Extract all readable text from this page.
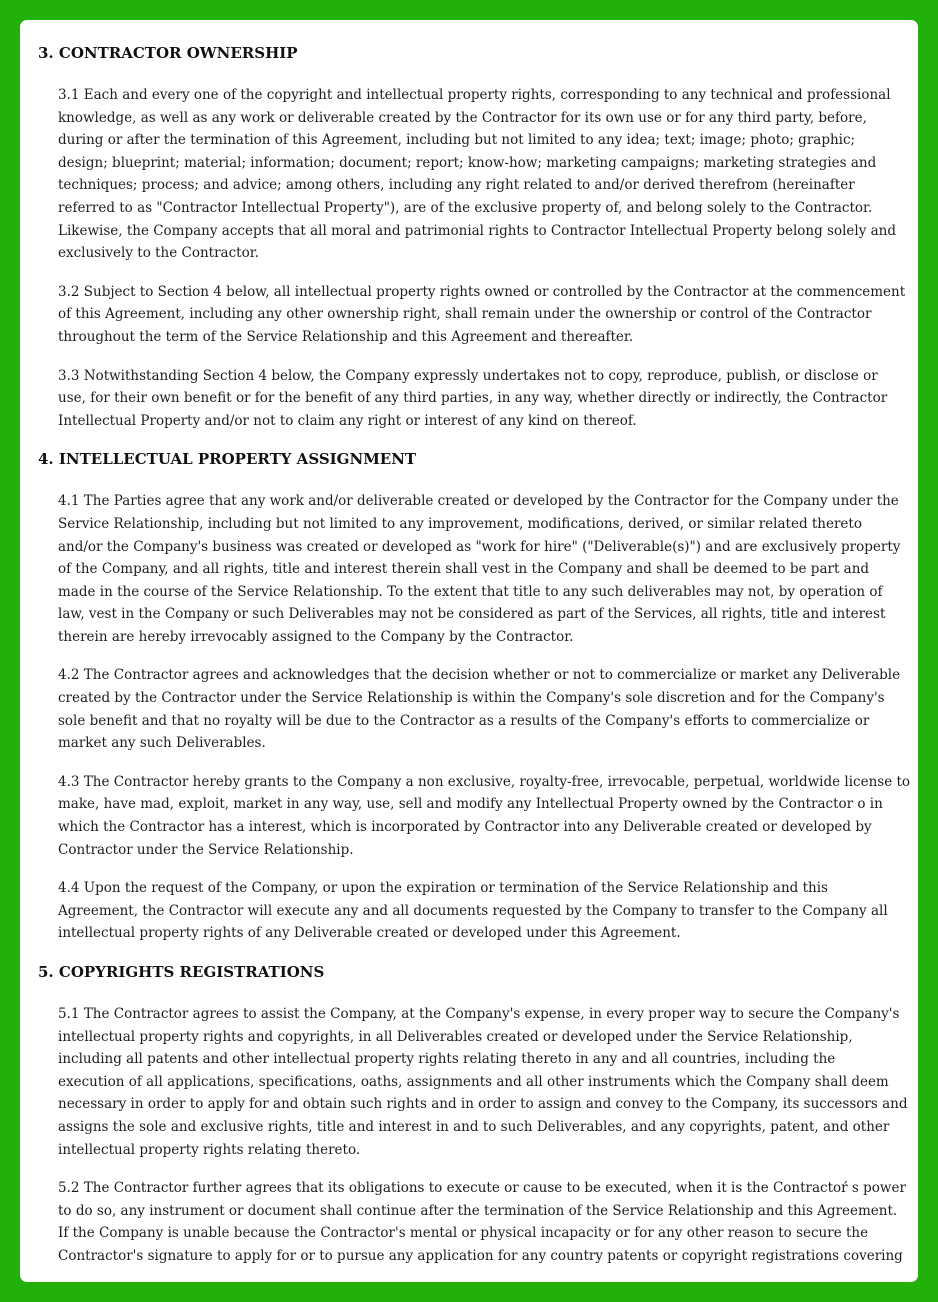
3. CONTRACTOR OWNERSHIP
3.1 Each and every one of the copyright and intellectual property rights, corresponding to any technical and professional
knowledge, as well as any work or deliverable created by the Contractor for its own use or for any third party, before,
during or after the termination of this Agreement, including but not limited to any idea; text; image; photo; graphic;
design; blueprint; material; information; document; report; know-how; marketing campaigns; marketing strategies and
techniques; process; and advice; among others, including any right related to and/or derived therefrom (hereinafter
referred to as "Contractor Intellectual Property"), are of the exclusive property of, and belong solely to the Contractor.
Likewise, the Company accepts that all moral and patrimonial rights to Contractor Intellectual Property belong solely and
exclusively to the Contractor.
3.2 Subject to Section 4 below, all intellectual property rights owned or controlled by the Contractor at the commencement
of this Agreement, including any other ownership right, shall remain under the ownership or control of the Contractor
throughout the term of the Service Relationship and this Agreement and thereafter.
3.3 Notwithstanding Section 4 below, the Company expressly undertakes not to copy, reproduce, publish, or disclose or
use, for their own benefit or for the benefit of any third parties, in any way, whether directly or indirectly, the Contractor
Intellectual Property and/or not to claim any right or interest of any kind on thereof.
4. INTELLECTUAL PROPERTY ASSIGNMENT
4.1 The Parties agree that any work and/or deliverable created or developed by the Contractor for the Company under the
Service Relationship, including but not limited to any improvement, modifications, derived, or similar related thereto
and/or the Company's business was created or developed as "work for hire" ("Deliverable(s)") and are exclusively property
of the Company, and all rights, title and interest therein shall vest in the Company and shall be deemed to be part and
made in the course of the Service Relationship. To the extent that title to any such deliverables may not, by operation of
law, vest in the Company or such Deliverables may not be considered as part of the Services, all rights, title and interest
therein are hereby irrevocably assigned to the Company by the Contractor.
4.2 The Contractor agrees and acknowledges that the decision whether or not to commercialize or market any Deliverable
created by the Contractor under the Service Relationship is within the Company's sole discretion and for the Company's
sole benefit and that no royalty will be due to the Contractor as a results of the Company's efforts to commercialize or
market any such Deliverables.
4.3 The Contractor hereby grants to the Company a non exclusive, royalty-free, irrevocable, perpetual, worldwide license to
make, have mad, exploit, market in any way, use, sell and modify any Intellectual Property owned by the Contractor o in
which the Contractor has a interest, which is incorporated by Contractor into any Deliverable created or developed by
Contractor under the Service Relationship.
4.4 Upon the request of the Company, or upon the expiration or termination of the Service Relationship and this
Agreement, the Contractor will execute any and all documents requested by the Company to transfer to the Company all
intellectual property rights of any Deliverable created or developed under this Agreement.
5. COPYRIGHTS REGISTRATIONS
5.1 The Contractor agrees to assist the Company, at the Company's expense, in every proper way to secure the Company's
intellectual property rights and copyrights, in all Deliverables created or developed under the Service Relationship,
including all patents and other intellectual property rights relating thereto in any and all countries, including the
execution of all applications, specifications, oaths, assignments and all other instruments which the Company shall deem
necessary in order to apply for and obtain such rights and in order to assign and convey to the Company, its successors and
assigns the sole and exclusive rights, title and interest in and to such Deliverables, and any copyrights, patent, and other
intellectual property rights relating thereto.
5.2 The Contractor further agrees that its obligations to execute or cause to be executed, when it is the Contractoŕ s power
to do so, any instrument or document shall continue after the termination of the Service Relationship and this Agreement.
If the Company is unable because the Contractor's mental or physical incapacity or for any other reason to secure the
Contractor's signature to apply for or to pursue any application for any country patents or copyright registrations covering
